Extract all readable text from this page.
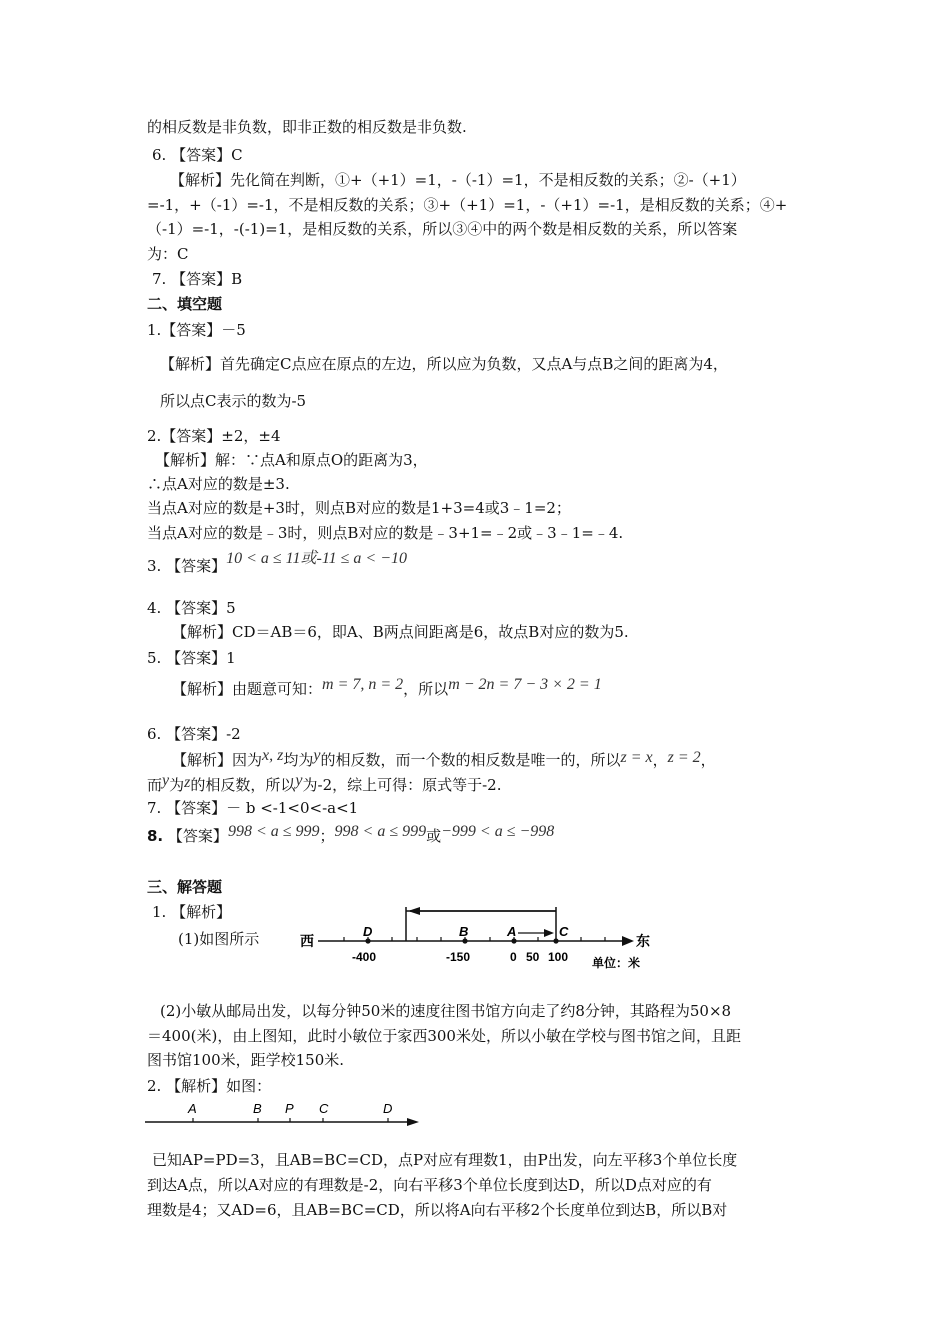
的相反数是非负数，即非正数的相反数是非负数.
6. 【答案】C
【解析】先化简在判断，①+（+1）=1，-（-1）=1，不是相反数的关系；②-（+1）
=-1，+（-1）=-1，不是相反数的关系；③+（+1）=1，-（+1）=-1，是相反数的关系；④+
（-1）=-1，-(-1)=1，是相反数的关系，所以③④中的两个数是相反数的关系，所以答案
为：C
7. 【答案】B
二、填空题
1.【答案】－5
【解析】首先确定C点应在原点的左边，所以应为负数，又点A与点B之间的距离为4，
所以点C表示的数为-5
2.【答案】±2，±4
【解析】解：∵点A和原点O的距离为3，
∴点A对应的数是±3.
当点A对应的数是+3时，则点B对应的数是1+3=4或3﹣1=2；
当点A对应的数是﹣3时，则点B对应的数是﹣3+1=﹣2或﹣3﹣1=﹣4.
3. 【答案】10 < a ≤ 11或-11 ≤ a < −10
4. 【答案】5
【解析】CD＝AB＝6，即A、B两点间距离是6，故点B对应的数为5.
5. 【答案】1
【解析】由题意可知：m = 7, n = 2，所以m − 2n = 7 − 3 × 2 = 1
6. 【答案】-2
【解析】因为x, z均为y的相反数，而一个数的相反数是唯一的，所以z = x，z = 2，
而y为z的相反数，所以y为-2，综上可得：原式等于-2.
7. 【答案】－ b <-1<0<-a<1
8. 【答案】998 < a ≤ 999；998 < a ≤ 999或−999 < a ≤ −998
三、解答题
1. 【解析】
(1)如图所示	西	东
D	B	A	C
-400	-150	0 50 100 单位：米
(2)小敏从邮局出发，以每分钟50米的速度往图书馆方向走了约8分钟，其路程为50×8
＝400(米)，由上图知，此时小敏位于家西300米处，所以小敏在学校与图书馆之间，且距
图书馆100米，距学校150米.
2. 【解析】如图：
A	B P C	D
已知AP=PD=3，且AB=BC=CD，点P对应有理数1，由P出发，向左平移3个单位长度
到达A点，所以A对应的有理数是-2，向右平移3个单位长度到达D，所以D点对应的有
理数是4；又AD=6，且AB=BC=CD，所以将A向右平移2个长度单位到达B，所以B对
